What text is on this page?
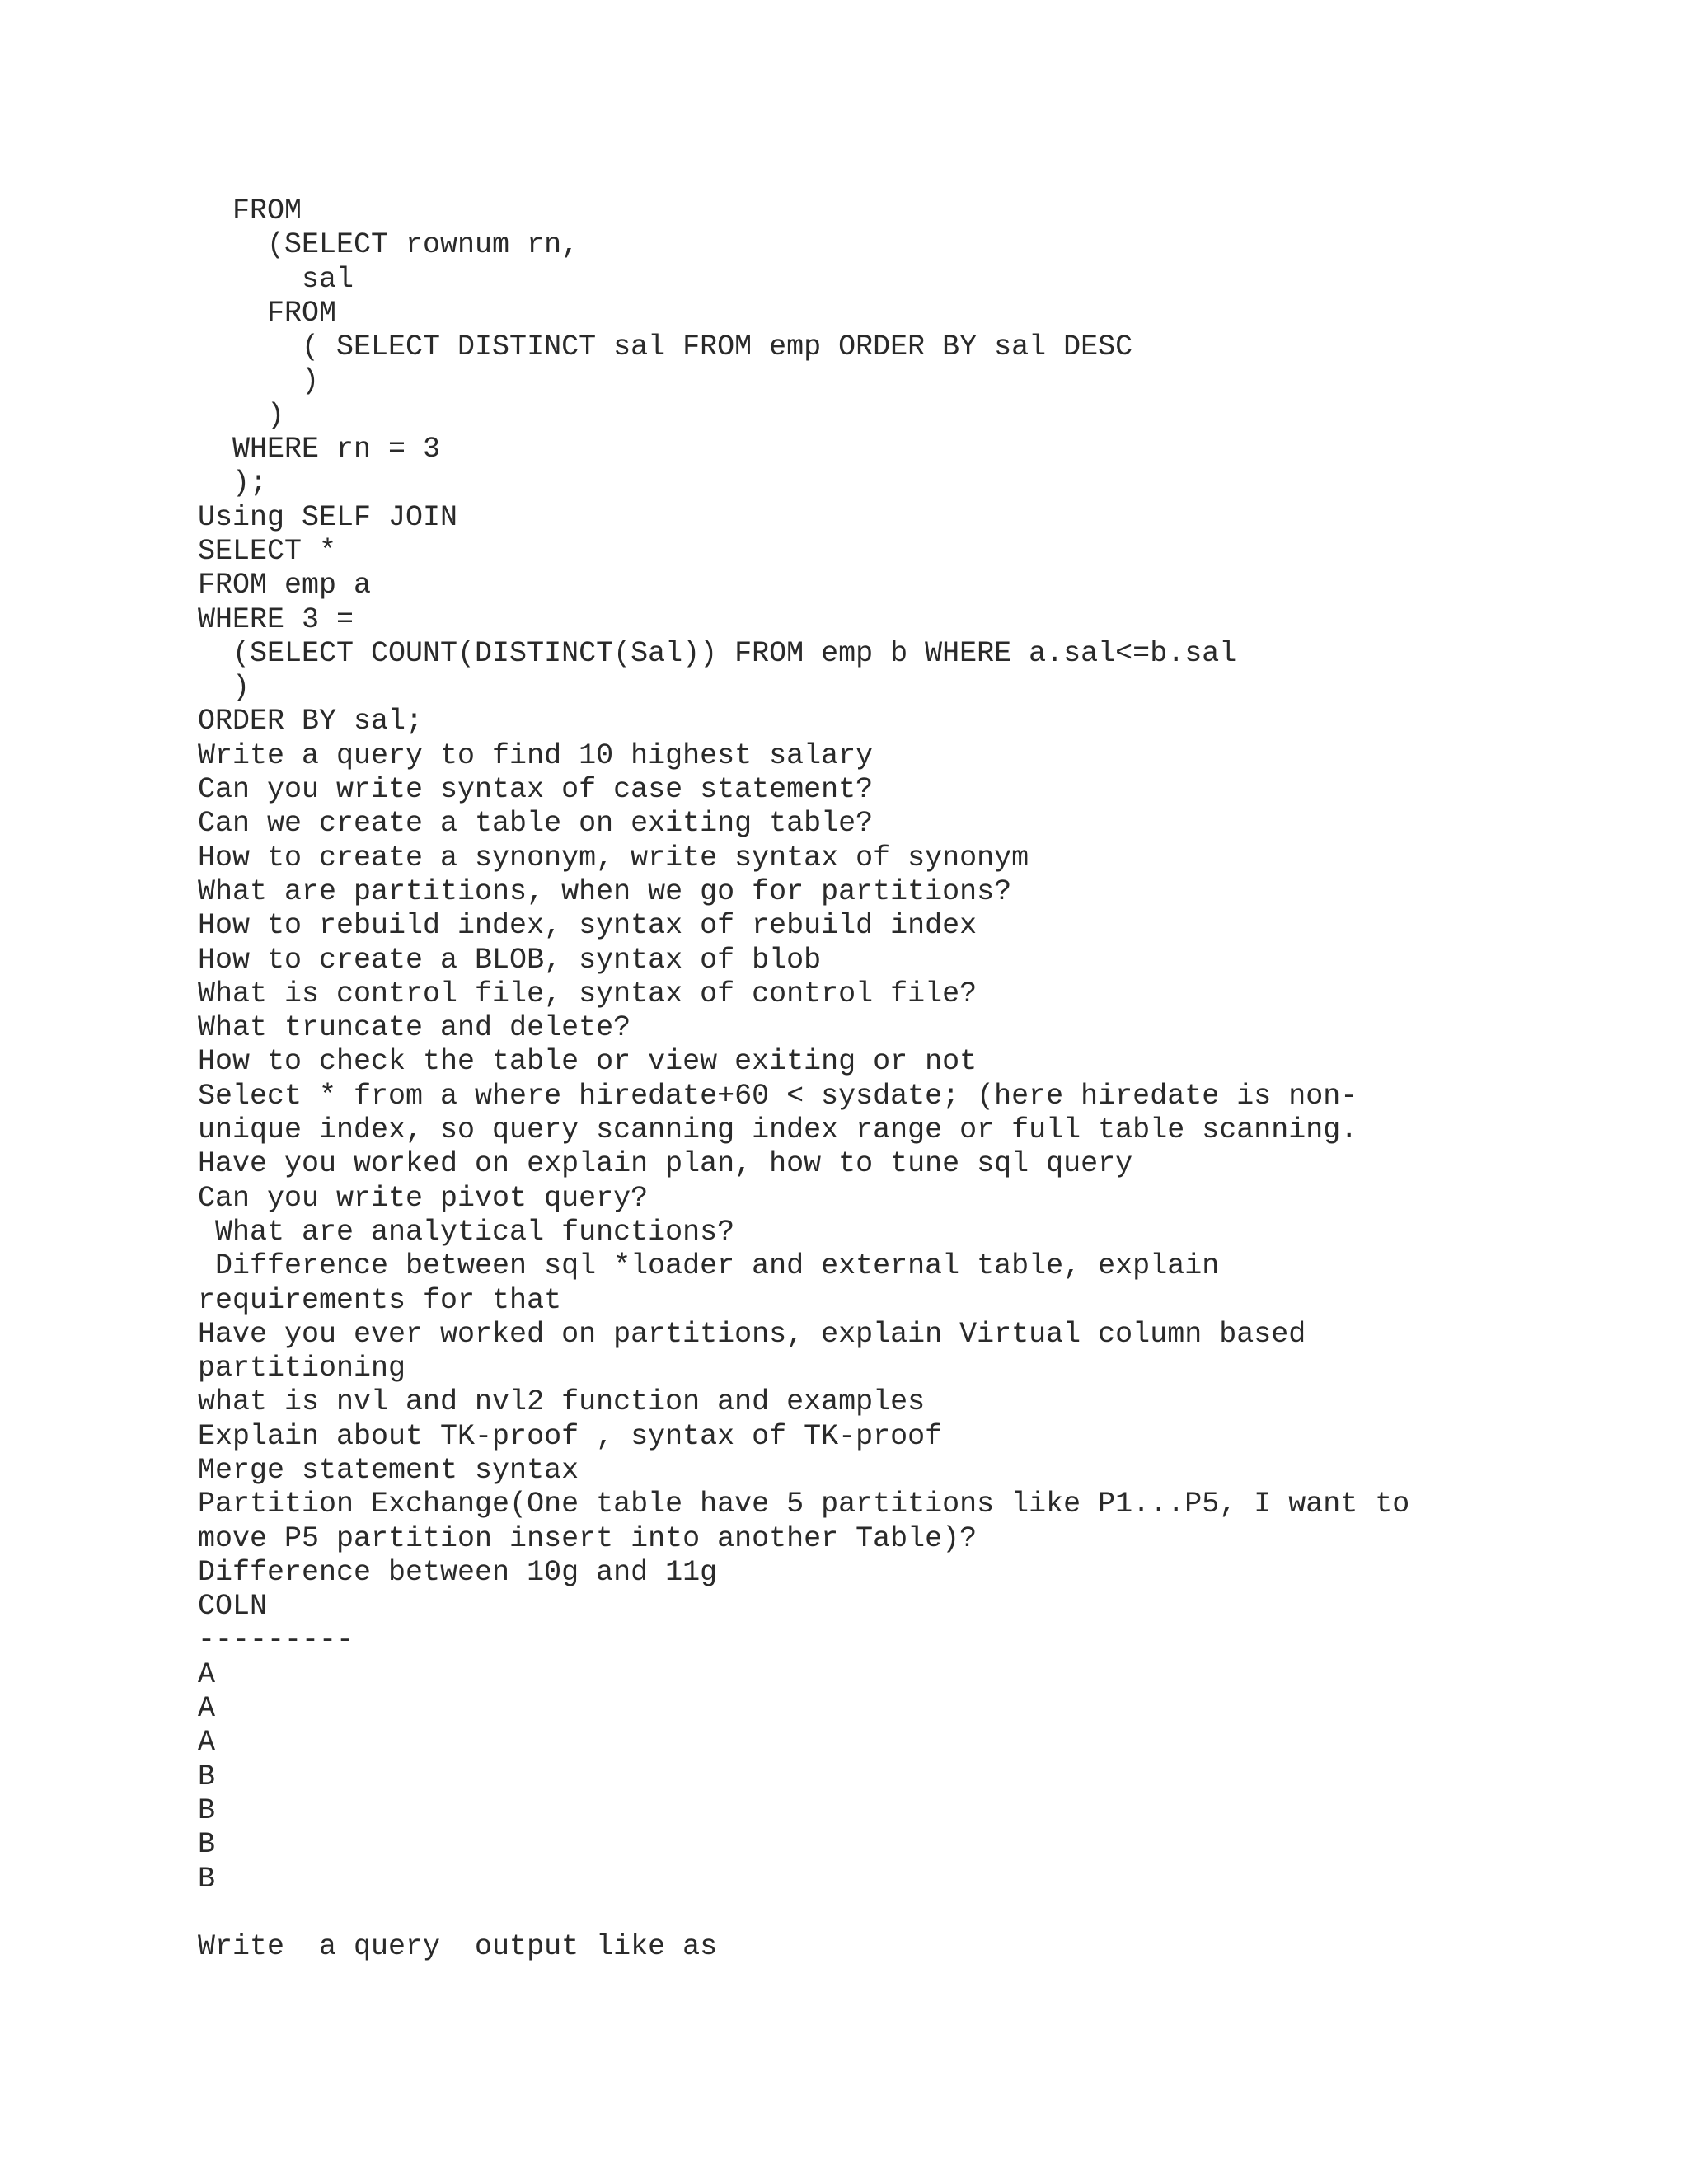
FROM
(SELECT rownum rn,
sal
FROM
( SELECT DISTINCT sal FROM emp ORDER BY sal DESC
)
)
WHERE rn = 3
);
Using SELF JOIN
SELECT *
FROM emp a
WHERE 3 =
(SELECT COUNT(DISTINCT(Sal)) FROM emp b WHERE a.sal<=b.sal
)
ORDER BY sal;
Write a query to find 10 highest salary
Can you write syntax of case statement?
Can we create a table on exiting table?
How to create a synonym, write syntax of synonym
What are partitions, when we go for partitions?
How to rebuild index, syntax of rebuild index
How to create a BLOB, syntax of blob
What is control file, syntax of control file?
What truncate and delete?
How to check the table or view exiting or not
Select * from a where hiredate+60 < sysdate; (here hiredate is non-
unique index, so query scanning index range or full table scanning.
Have you worked on explain plan, how to tune sql query
Can you write pivot query?
What are analytical functions?
Difference between sql *loader and external table, explain
requirements for that
Have you ever worked on partitions, explain Virtual column based
partitioning
what is nvl and nvl2 function and examples
Explain about TK-proof , syntax of TK-proof
Merge statement syntax
Partition Exchange(One table have 5 partitions like P1...P5, I want to
move P5 partition insert into another Table)?
Difference between 10g and 11g
COLN
---------
A
A
A
B
B
B
B
Write  a query  output like as
